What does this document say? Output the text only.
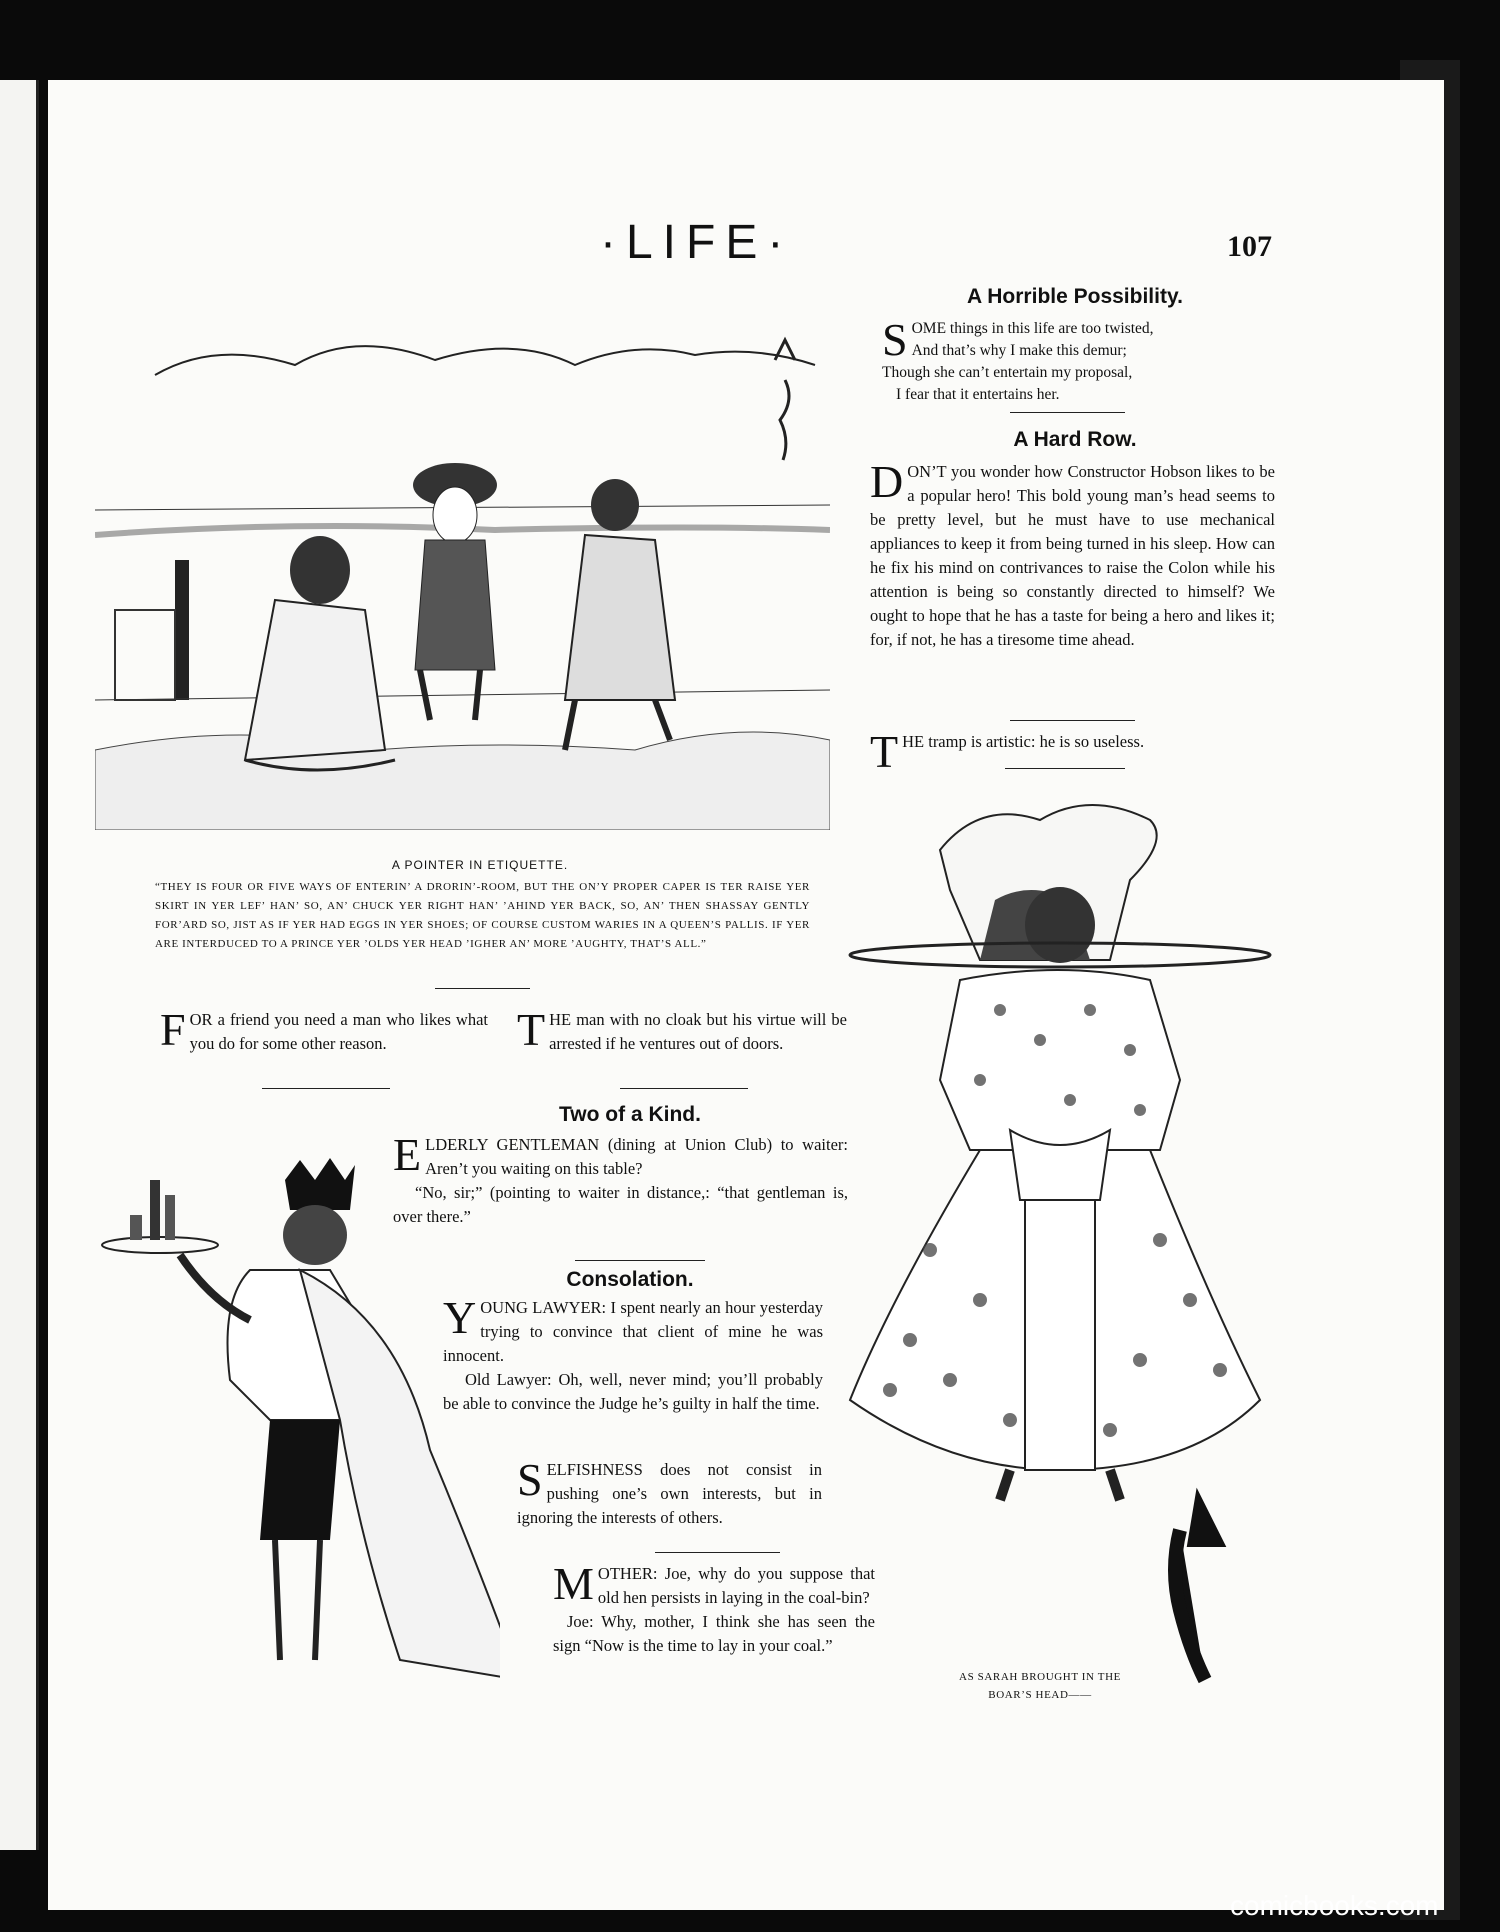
·LIFE·	107
A POINTER IN ETIQUETTE.
“THEY IS FOUR OR FIVE WAYS OF ENTERIN’ A DRORIN’-ROOM, BUT THE ON’Y PROPER CAPER IS TER RAISE YER SKIRT IN YER LEF’ HAN’ SO, AN’ CHUCK YER RIGHT HAN’ ’AHIND YER BACK, SO, AN’ THEN SHASSAY GENTLY FOR’ARD SO, JIST AS IF YER HAD EGGS IN YER SHOES; OF COURSE CUSTOM WARIES IN A QUEEN’S PALLIS. IF YER ARE INTERDUCED TO A PRINCE YER ’OLDS YER HEAD ’IGHER AN’ MORE ’AUGHTY, THAT’S ALL.”
A Horrible Possibility.
S OME things in this life are too twisted,
And that’s why I make this demur;
Though she can’t entertain my proposal,
I fear that it entertains her.
A Hard Row.

DON’T you wonder how Constructor Hobson likes to be a popular hero! This bold young man’s head seems to be pretty level, but he must have to use mechanical appliances to keep it from being turned in his sleep. How can he fix his mind on contrivances to raise the Colon while his attention is being so constantly directed to himself? We ought to hope that he has a taste for being a hero and likes it; for, if not, he has a tiresome time ahead.

THE tramp is artistic: he is so useless.

AS SARAH BROUGHT IN THE BOAR’S HEAD——

FOR a friend you need a man who likes what you do for some other reason.	THE man with no cloak but his virtue will be arrested if he ventures out of doors.

Two of a Kind.

ELDERLY GENTLEMAN (dining at Union Club) to waiter: Aren’t you waiting on this table?

“No, sir;” (pointing to waiter in distance,: “that gentleman is, over there.”

Consolation.

YOUNG LAWYER: I spent nearly an hour yesterday trying to convince that client of mine he was innocent.

Old Lawyer: Oh, well, never mind; you’ll probably be able to convince the Judge he’s guilty in half the time.

SELFISHNESS does not consist in pushing one’s own interests, but in ignoring the interests of others.

MOTHER: Joe, why do you suppose that old hen persists in laying in the coal-bin?

Joe: Why, mother, I think she has seen the sign “Now is the time to lay in your coal.”

comicbooks.com
